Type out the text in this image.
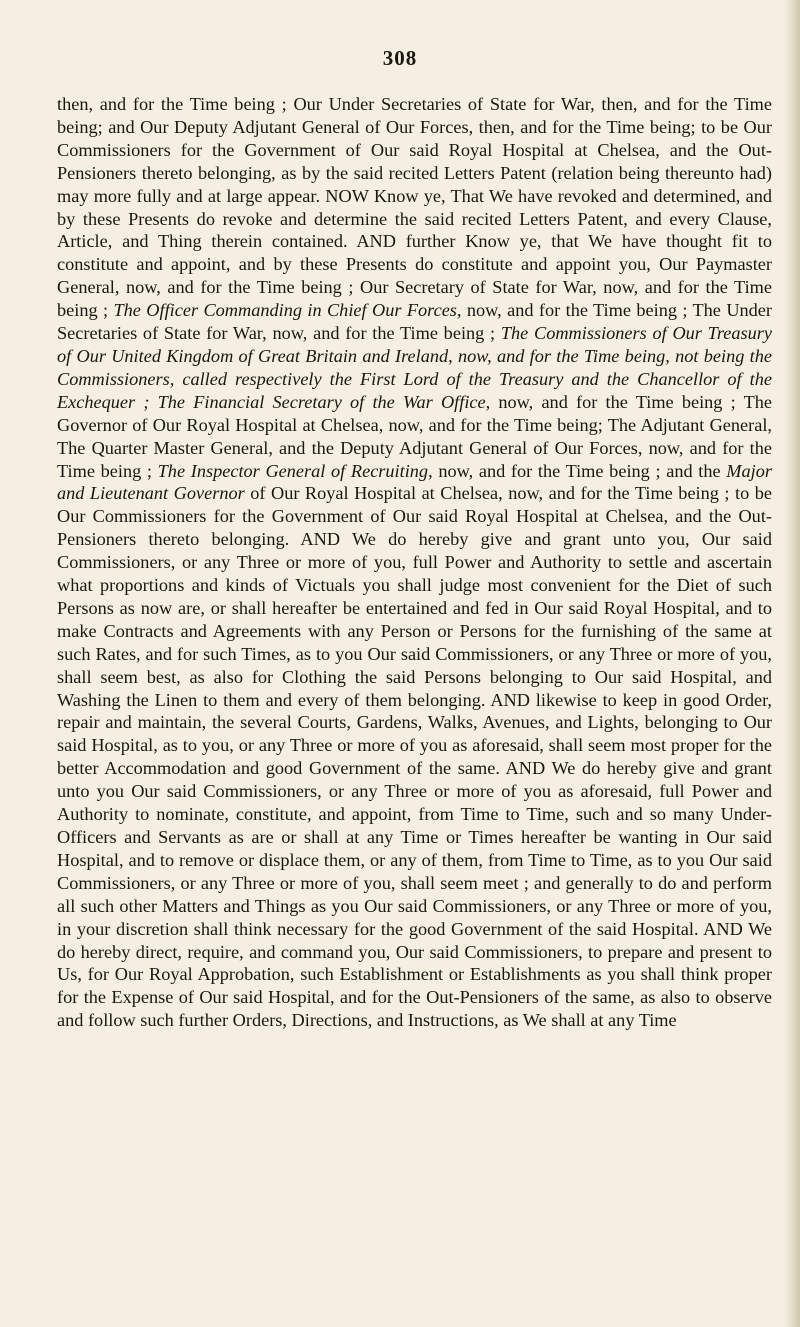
308

then, and for the Time being ; Our Under Secretaries of State for War, then, and for the Time being; and Our Deputy Adjutant General of Our Forces, then, and for the Time being; to be Our Commissioners for the Government of Our said Royal Hospital at Chelsea, and the Out-Pensioners thereto belonging, as by the said recited Letters Patent (relation being thereunto had) may more fully and at large appear. NOW Know ye, That We have revoked and determined, and by these Presents do revoke and determine the said recited Letters Patent, and every Clause, Article, and Thing therein contained. AND further Know ye, that We have thought fit to constitute and appoint, and by these Presents do constitute and appoint you, Our Paymaster General, now, and for the Time being ; Our Secretary of State for War, now, and for the Time being ; The Officer Commanding in Chief Our Forces, now, and for the Time being ; The Under Secretaries of State for War, now, and for the Time being ; The Commissioners of Our Treasury of Our United Kingdom of Great Britain and Ireland, now, and for the Time being, not being the Commissioners, called respectively the First Lord of the Treasury and the Chancellor of the Exchequer ; The Financial Secretary of the War Office, now, and for the Time being ; The Governor of Our Royal Hospital at Chelsea, now, and for the Time being; The Adjutant General, The Quarter Master General, and the Deputy Adjutant General of Our Forces, now, and for the Time being ; The Inspector General of Recruiting, now, and for the Time being ; and the Major and Lieutenant Governor of Our Royal Hospital at Chelsea, now, and for the Time being ; to be Our Commissioners for the Government of Our said Royal Hospital at Chelsea, and the Out-Pensioners thereto belonging. AND We do hereby give and grant unto you, Our said Commissioners, or any Three or more of you, full Power and Authority to settle and ascertain what proportions and kinds of Victuals you shall judge most convenient for the Diet of such Persons as now are, or shall hereafter be entertained and fed in Our said Royal Hospital, and to make Contracts and Agreements with any Person or Persons for the furnishing of the same at such Rates, and for such Times, as to you Our said Commissioners, or any Three or more of you, shall seem best, as also for Clothing the said Persons belonging to Our said Hospital, and Washing the Linen to them and every of them belonging. AND likewise to keep in good Order, repair and maintain, the several Courts, Gardens, Walks, Avenues, and Lights, belonging to Our said Hospital, as to you, or any Three or more of you as aforesaid, shall seem most proper for the better Accommodation and good Government of the same. AND We do hereby give and grant unto you Our said Commissioners, or any Three or more of you as aforesaid, full Power and Authority to nominate, constitute, and appoint, from Time to Time, such and so many Under-Officers and Servants as are or shall at any Time or Times hereafter be wanting in Our said Hospital, and to remove or displace them, or any of them, from Time to Time, as to you Our said Commissioners, or any Three or more of you, shall seem meet ; and generally to do and perform all such other Matters and Things as you Our said Commissioners, or any Three or more of you, in your discretion shall think necessary for the good Government of the said Hospital. AND We do hereby direct, require, and command you, Our said Commissioners, to prepare and present to Us, for Our Royal Approbation, such Establishment or Establishments as you shall think proper for the Expense of Our said Hospital, and for the Out-Pensioners of the same, as also to observe and follow such further Orders, Directions, and Instructions, as We shall at any Time
